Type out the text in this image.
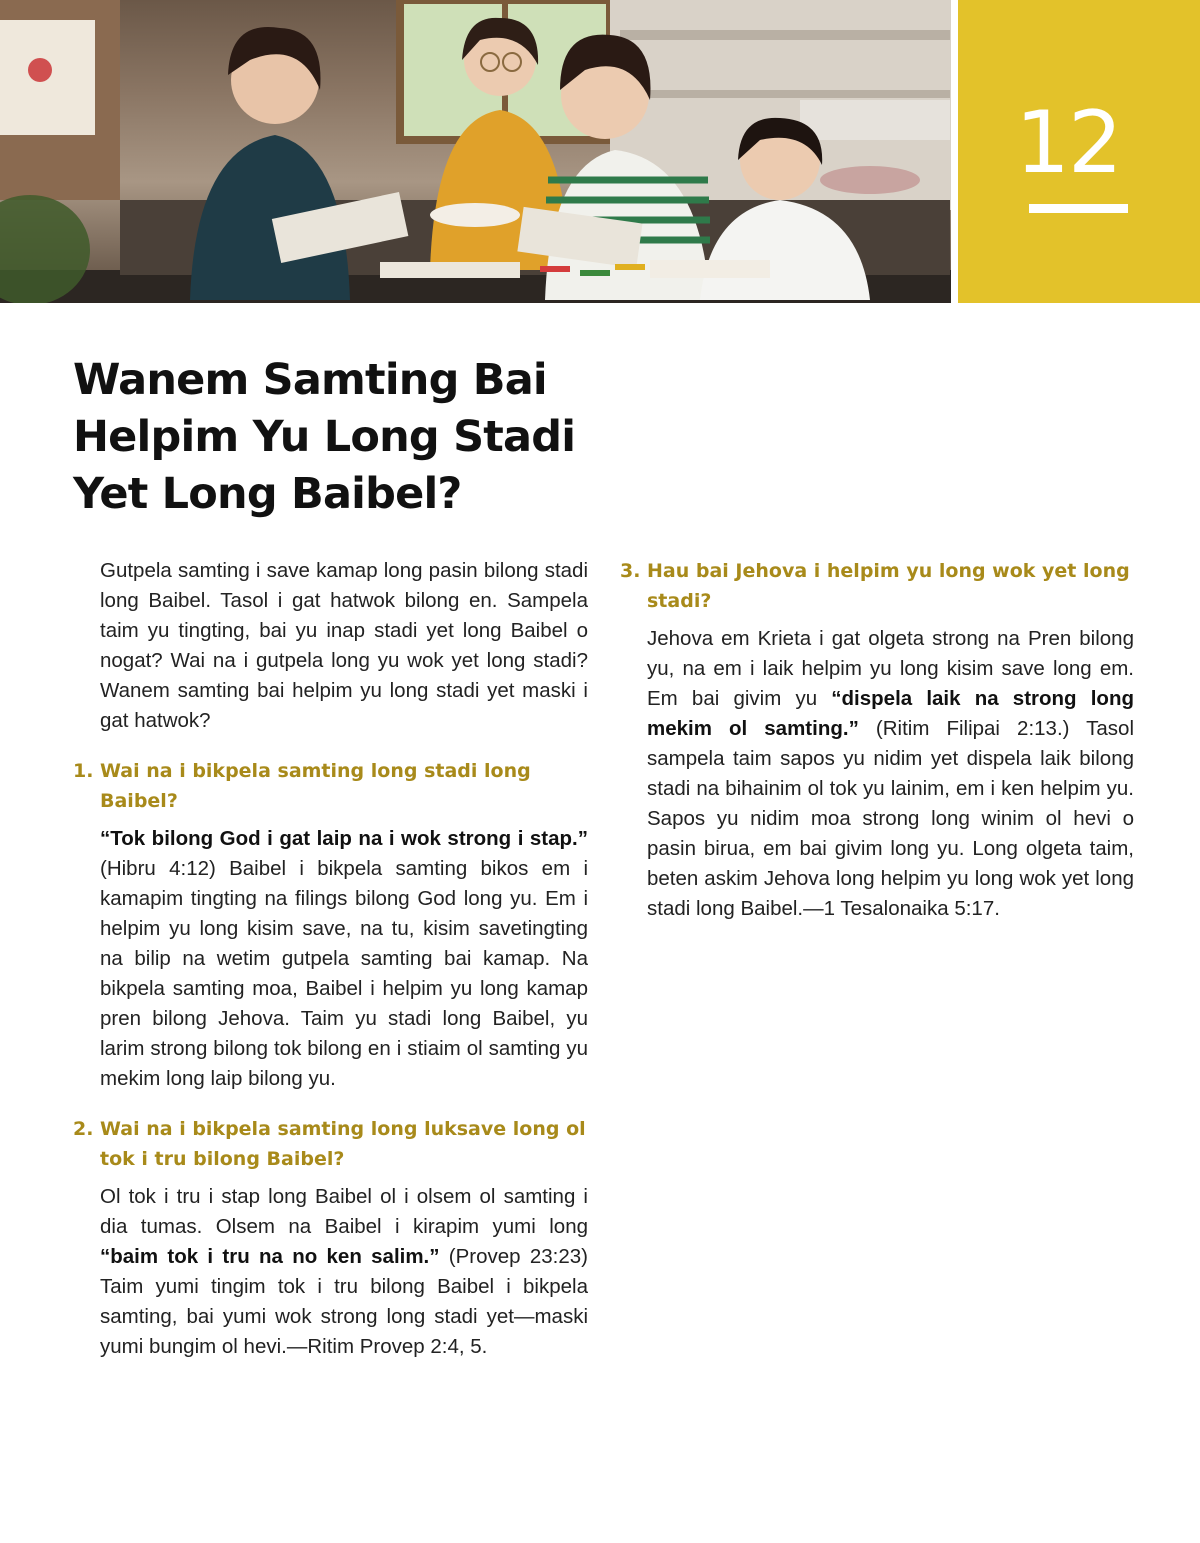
12
Wanem Samting Bai
Helpim Yu Long Stadi
Yet Long Baibel?

Gutpela samting i save kamap long pasin bilong stadi long Baibel. Tasol i gat hatwok bilong en. Sampela taim yu tingting, bai yu inap stadi yet long Baibel o nogat? Wai na i gutpela long yu wok yet long stadi? Wanem samting bai helpim yu long stadi yet maski i gat hatwok?

1. Wai na i bikpela samting long stadi long Baibel?

“Tok bilong God i gat laip na i wok strong i stap.” (Hibru 4:12) Baibel i bikpela samting bikos em i kamapim tingting na filings bilong God long yu. Em i helpim yu long kisim save, na tu, kisim savetingting na bilip na wetim gutpela samting bai kamap. Na bikpela samting moa, Baibel i helpim yu long kamap pren bilong Jehova. Taim yu stadi long Baibel, yu larim strong bilong tok bilong en i stiaim ol samting yu mekim long laip bilong yu.

2. Wai na i bikpela samting long luksave long ol tok i tru bilong Baibel?

Ol tok i tru i stap long Baibel ol i olsem ol samting i dia tumas. Olsem na Baibel i kirapim yumi long “baim tok i tru na no ken salim.” (Provep 23:23) Taim yumi tingim tok i tru bilong Baibel i bikpela samting, bai yumi wok strong long stadi yet—maski yumi bungim ol hevi.—Ritim Provep 2:4, 5.

3. Hau bai Jehova i helpim yu long wok yet long stadi?

Jehova em Krieta i gat olgeta strong na Pren bilong yu, na em i laik helpim yu long kisim save long em. Em bai givim yu “dispela laik na strong long mekim ol samting.” (Ritim Filipai 2:13.) Tasol sampela taim sapos yu nidim yet dispela laik bilong stadi na bihainim ol tok yu lainim, em i ken helpim yu. Sapos yu nidim moa strong long winim ol hevi o pasin birua, em bai givim long yu. Long olgeta taim, beten askim Jehova long helpim yu long wok yet long stadi long Baibel.—1 Tesalonaika 5:17.
